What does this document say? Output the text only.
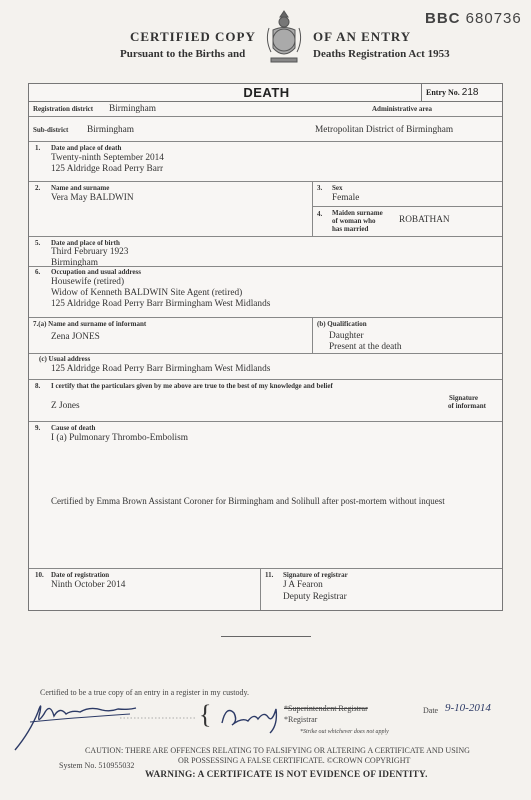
CERTIFIED COPY
Pursuant to the Births and
OF AN ENTRY
Deaths Registration Act 1953
BBC 680736
DEATH	Entry No. 218
Registration district Birmingham	Administrative area
Sub-district Birmingham	Metropolitan District of Birmingham
1. Date and place of death
Twenty-ninth September 2014
125 Aldridge Road Perry Barr
2. Name and surname
Vera May BALDWIN
3. Sex
Female
4. Maiden surname
of woman who
has married
ROBATHAN
5. Date and place of birth
Third February 1923
Birmingham
6. Occupation and usual address
Housewife (retired)
Widow of Kenneth BALDWIN Site Agent (retired)
125 Aldridge Road Perry Barr Birmingham West Midlands
7.(a) Name and surname of informant
Zena JONES
(b) Qualification
Daughter
Present at the death
(c) Usual address
125 Aldridge Road Perry Barr Birmingham West Midlands
8. I certify that the particulars given by me above are true to the best of my knowledge and belief
Z Jones
Signature
of informant
9. Cause of death
I (a) Pulmonary Thrombo-Embolism
Certified by Emma Brown Assistant Coroner for Birmingham and Solihull after post-mortem without inquest
10. Date of registration
Ninth October 2014
11. Signature of registrar
J A Fearon
Deputy Registrar
Certified to be a true copy of an entry in a register in my custody.
{	*Superintendent Registrar
*Registrar
*Strike out whichever does not apply
Date 9-10-2014
CAUTION: THERE ARE OFFENCES RELATING TO FALSIFYING OR ALTERING A CERTIFICATE AND USING
OR POSSESSING A FALSE CERTIFICATE. ©CROWN COPYRIGHT
System No. 510955032
WARNING: A CERTIFICATE IS NOT EVIDENCE OF IDENTITY.
